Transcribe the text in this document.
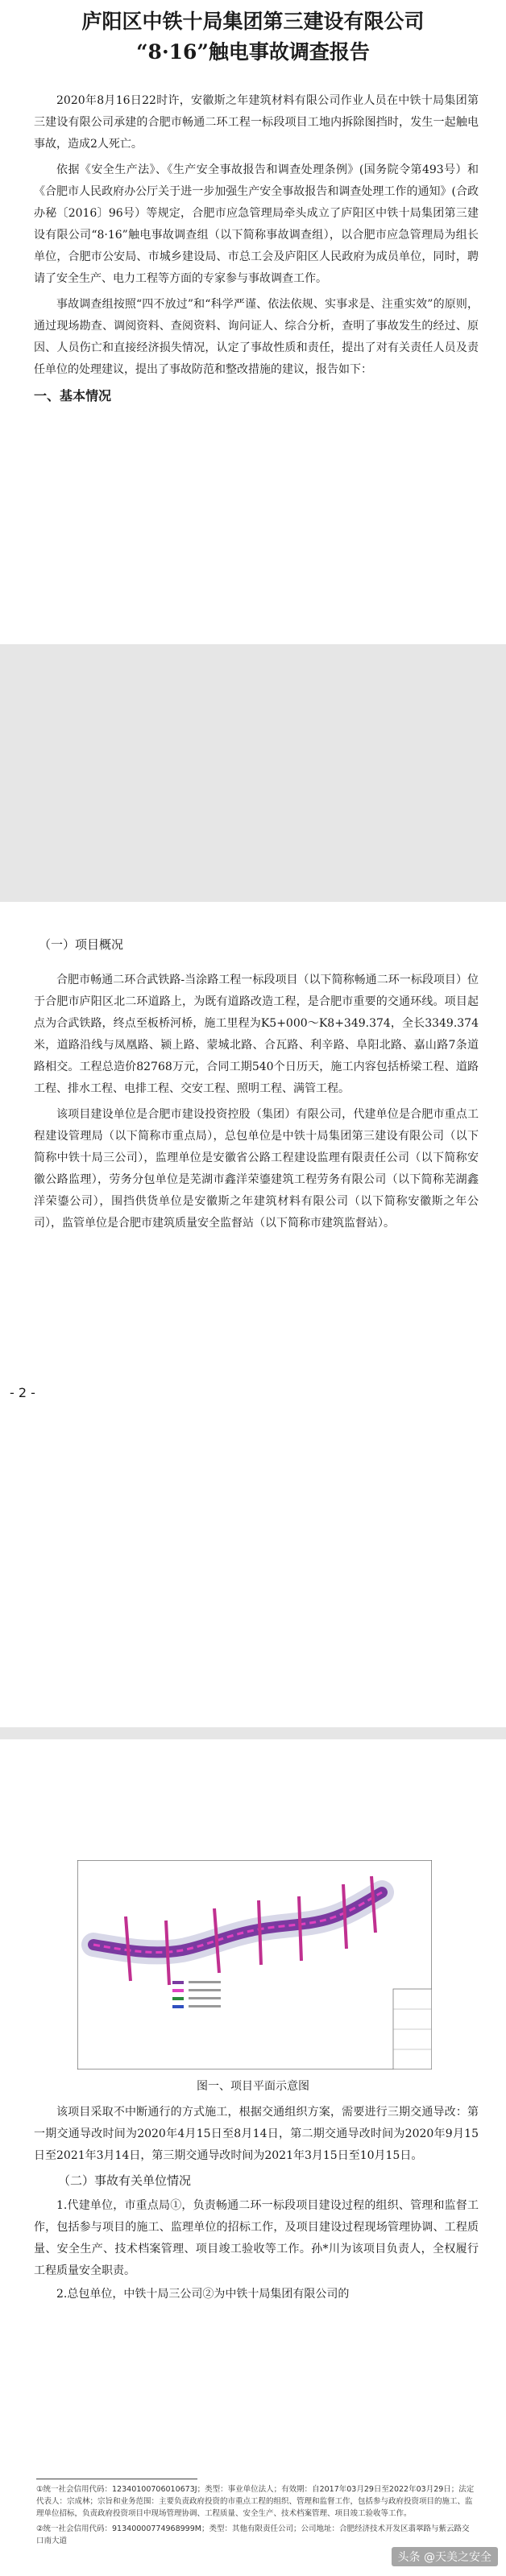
庐阳区中铁十局集团第三建设有限公司

“8·16”触电事故调查报告

2020年8月16日22时许，安徽斯之年建筑材料有限公司作业人员在中铁十局集团第三建设有限公司承建的合肥市畅通二环工程一标段项目工地内拆除图挡时，发生一起触电事故，造成2人死亡。

依据《安全生产法》、《生产安全事故报告和调查处理条例》(国务院令第493号）和《合肥市人民政府办公厅关于进一步加强生产安全事故报告和调查处理工作的通知》(合政办秘〔2016〕96号）等规定，合肥市应急管理局牵头成立了庐阳区中铁十局集团第三建设有限公司“8·16”触电事故调查组（以下简称事故调查组），以合肥市应急管理局为组长单位，合肥市公安局、市城乡建设局、市总工会及庐阳区人民政府为成员单位，同时，聘请了安全生产、电力工程等方面的专家参与事故调查工作。

事故调查组按照“四不放过”和“科学严谨、依法依规、实事求是、注重实效”的原则，通过现场勘查、调阅资料、查阅资料、询问证人、综合分析，查明了事故发生的经过、原因、人员伤亡和直接经济损失情况，认定了事故性质和责任，提出了对有关责任人员及责任单位的处理建议，提出了事故防范和整改措施的建议，报告如下：

一、基本情况

（一）项目概况

合肥市畅通二环合武铁路-当涂路工程一标段项目（以下简称畅通二环一标段项目）位于合肥市庐阳区北二环道路上，为既有道路改造工程，是合肥市重要的交通环线。项目起点为合武铁路，终点至板桥河桥，施工里程为K5+000～K8+349.374，全长3349.374米，道路沿线与凤凰路、颍上路、蒙城北路、合瓦路、利辛路、阜阳北路、嘉山路7条道路相交。工程总造价82768万元，合同工期540个日历天，施工内容包括桥梁工程、道路工程、排水工程、电排工程、交安工程、照明工程、满管工程。

该项目建设单位是合肥市建设投资控股（集团）有限公司，代建单位是合肥市重点工程建设管理局（以下简称市重点局），总包单位是中铁十局集团第三建设有限公司（以下简称中铁十局三公司），监理单位是安徽省公路工程建设监理有限责任公司（以下简称安徽公路监理），劳务分包单位是芜湖市鑫洋荣鎏建筑工程劳务有限公司（以下简称芜湖鑫洋荣鎏公司），围挡供货单位是安徽斯之年建筑材料有限公司（以下简称安徽斯之年公司），监管单位是合肥市建筑质量安全监督站（以下简称市建筑监督站）。

- 2 -
图一、项目平面示意图

该项目采取不中断通行的方式施工，根据交通组织方案，需要进行三期交通导改：第一期交通导改时间为2020年4月15日至8月14日，第二期交通导改时间为2020年9月15日至2021年3月14日，第三期交通导改时间为2021年3月15日至10月15日。

（二）事故有关单位情况

1.代建单位，市重点局①，负责畅通二环一标段项目建设过程的组织、管理和监督工作，包括参与项目的施工、监理单位的招标工作，及项目建设过程现场管理协调、工程质量、安全生产、技术档案管理、项目竣工验收等工作。孙*川为该项目负责人，全权履行工程质量安全职责。

2.总包单位，中铁十局三公司②为中铁十局集团有限公司的

①统一社会信用代码：12340100706010673J；类型：事业单位法人；有效期：自2017年03月29日至2022年03月29日；法定代表人：宗成林；宗旨和业务范围：主要负责政府投资的市重点工程的组织、管理和监督工作，包括参与政府投资项目的施工、监理单位招标，负责政府投资项目中现场管理协调、工程质量、安全生产、技术档案管理、项目竣工验收等工作。

②统一社会信用代码：91340000774968999M；类型：其他有限责任公司；公司地址：合肥经济技术开发区翡翠路与紫云路交口南大道

头条 @天美之安全
